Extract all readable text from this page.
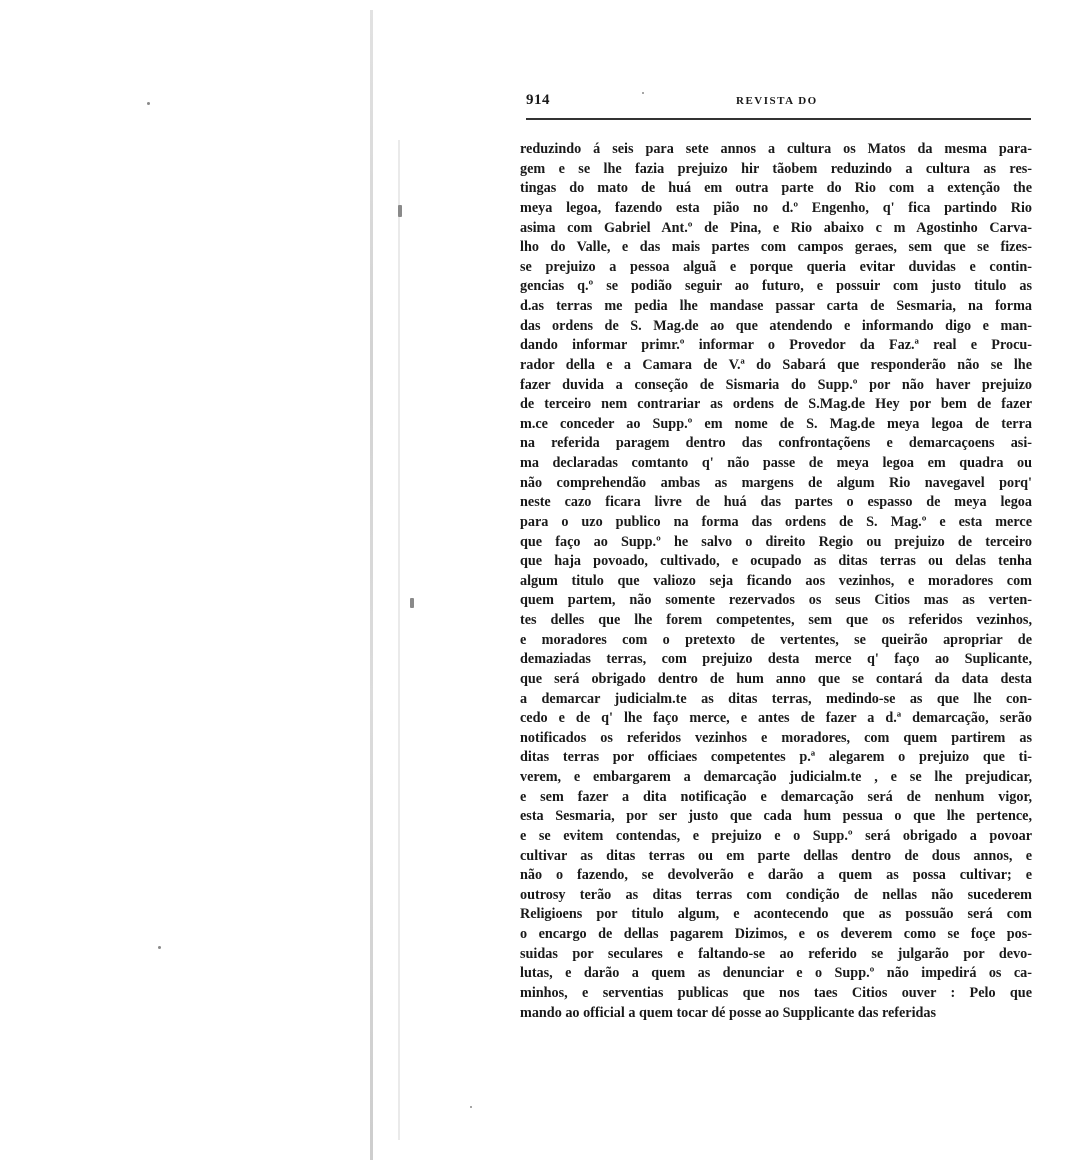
914	REVISTA DO
reduzindo á seis para sete annos a cultura os Matos da mesma para-
gem e se lhe fazia prejuizo hir tãobem reduzindo a cultura as res-
tingas do mato de huá em outra parte do Rio com a extenção the
meya legoa, fazendo esta pião no d.º Engenho, q' fica partindo Rio
asima com Gabriel Ant.º de Pina, e Rio abaixo c m Agostinho Carva-
lho do Valle, e das mais partes com campos geraes, sem que se fizes-
se prejuizo a pessoa alguã e porque queria evitar duvidas e contin-
gencias q.º se podião seguir ao futuro, e possuir com justo titulo as
d.as terras me pedia lhe mandase passar carta de Sesmaria, na forma
das ordens de S. Mag.de ao que atendendo e informando digo e man-
dando informar primr.º informar o Provedor da Faz.ª real e Procu-
rador della e a Camara de V.ª do Sabará que responderão não se lhe
fazer duvida a conseção de Sismaria do Supp.º por não haver prejuizo
de terceiro nem contrariar as ordens de S.Mag.de Hey por bem de fazer
m.ce conceder ao Supp.º em nome de S. Mag.de meya legoa de terra
na referida paragem dentro das confrontaçõens e demarcaçoens asi-
ma declaradas comtanto q' não passe de meya legoa em quadra ou
não comprehendão ambas as margens de algum Rio navegavel porq'
neste cazo ficara livre de huá das partes o espasso de meya legoa
para o uzo publico na forma das ordens de S. Mag.º e esta merce
que faço ao Supp.º he salvo o direito Regio ou prejuizo de terceiro
que haja povoado, cultivado, e ocupado as ditas terras ou delas tenha
algum titulo que valiozo seja ficando aos vezinhos, e moradores com
quem partem, não somente rezervados os seus Citios mas as verten-
tes delles que lhe forem competentes, sem que os referidos vezinhos,
e moradores com o pretexto de vertentes, se queirão apropriar de
demaziadas terras, com prejuizo desta merce q' faço ao Suplicante,
que será obrigado dentro de hum anno que se contará da data desta
a demarcar judicialm.te as ditas terras, medindo-se as que lhe con-
cedo e de q' lhe faço merce, e antes de fazer a d.ª demarcação, serão
notificados os referidos vezinhos e moradores, com quem partirem as
ditas terras por officiaes competentes p.ª alegarem o prejuizo que ti-
verem, e embargarem a demarcação judicialm.te , e se lhe prejudicar,
e sem fazer a dita notificação e demarcação será de nenhum vigor,
esta Sesmaria, por ser justo que cada hum pessua o que lhe pertence,
e se evitem contendas, e prejuizo e o Supp.º será obrigado a povoar
cultivar as ditas terras ou em parte dellas dentro de dous annos, e
não o fazendo, se devolverão e darão a quem as possa cultivar; e
outrosy terão as ditas terras com condição de nellas não sucederem
Religioens por titulo algum, e acontecendo que as possuão será com
o encargo de dellas pagarem Dizimos, e os deverem como se foçe pos-
suidas por seculares e faltando-se ao referido se julgarão por devo-
lutas, e darão a quem as denunciar e o Supp.º não impedirá os ca-
minhos, e serventias publicas que nos taes Citios ouver : Pelo que
mando ao official a quem tocar dé posse ao Supplicante das referidas
